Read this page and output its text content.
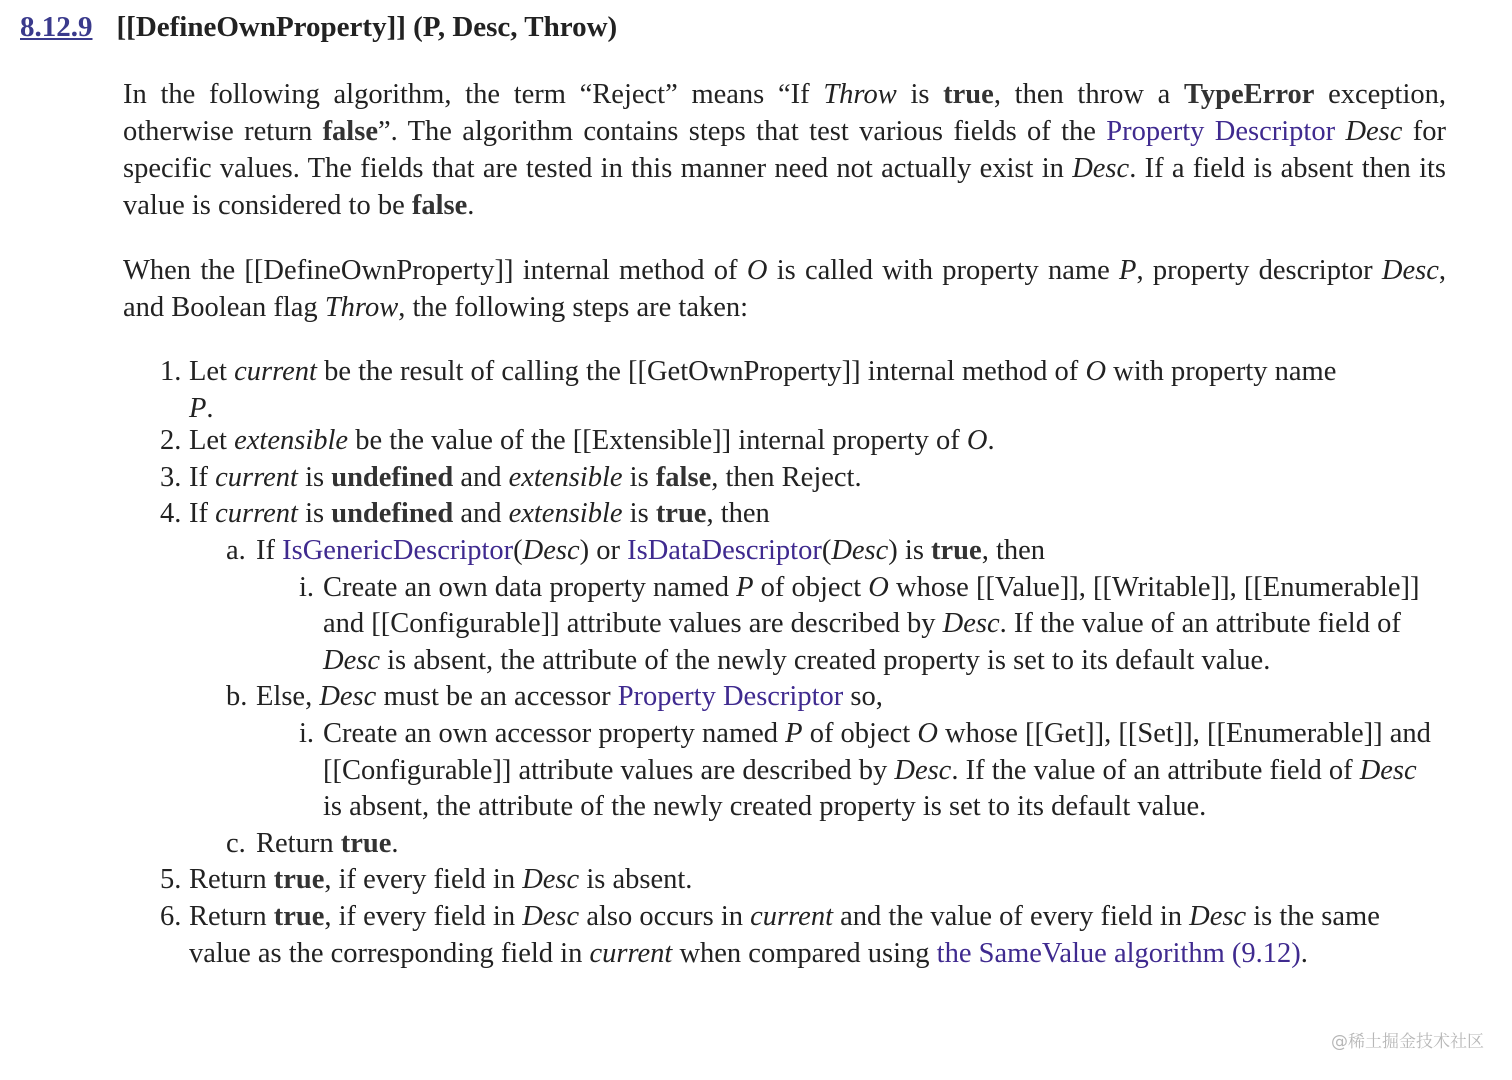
8.12.9 [[DefineOwnProperty]] (P, Desc, Throw)

In the following algorithm, the term “Reject” means “If Throw is true, then throw a TypeError exception, otherwise return false”. The algorithm contains steps that test various fields of the Property Descriptor Desc for specific values. The fields that are tested in this manner need not actually exist in Desc. If a field is absent then its value is considered to be false.

When the [[DefineOwnProperty]] internal method of O is called with property name P, property descriptor Desc, and Boolean flag Throw, the following steps are taken:

1. Let current be the result of calling the [[GetOwnProperty]] internal method of O with property name
P.
2. Let extensible be the value of the [[Extensible]] internal property of O.
3. If current is undefined and extensible is false, then Reject.
4. If current is undefined and extensible is true, then
a. If IsGenericDescriptor(Desc) or IsDataDescriptor(Desc) is true, then
i. Create an own data property named P of object O whose [[Value]], [[Writable]], [[Enumerable]] and [[Configurable]] attribute values are described by Desc. If the value of an attribute field of Desc is absent, the attribute of the newly created property is set to its default value.
b. Else, Desc must be an accessor Property Descriptor so,
i. Create an own accessor property named P of object O whose [[Get]], [[Set]], [[Enumerable]] and [[Configurable]] attribute values are described by Desc. If the value of an attribute field of Desc is absent, the attribute of the newly created property is set to its default value.
c. Return true.
5. Return true, if every field in Desc is absent.
6. Return true, if every field in Desc also occurs in current and the value of every field in Desc is the same value as the corresponding field in current when compared using the SameValue algorithm (9.12).
@稀土掘金技术社区
